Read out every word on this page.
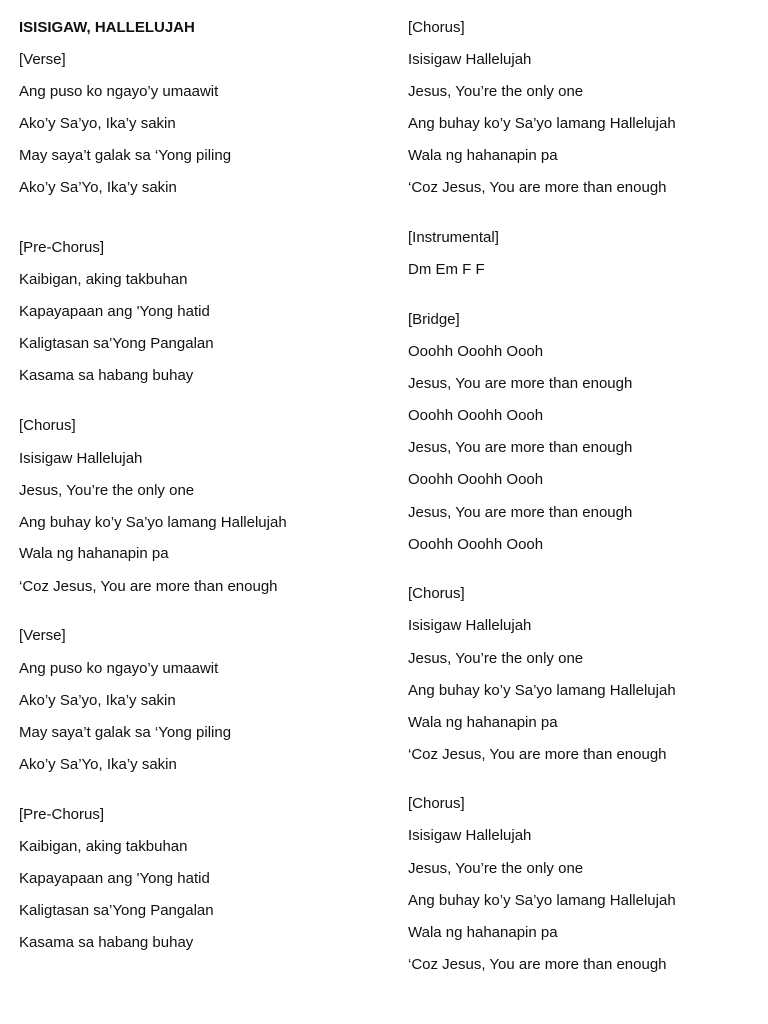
ISISIGAW, HALLELUJAH
[Verse]
Ang puso ko ngayo’y umaawit
Ako’y Sa’yo, Ika’y sakin
May saya’t galak sa ‘Yong piling
Ako’y Sa’Yo, Ika’y sakin
[Pre-Chorus]
Kaibigan, aking takbuhan
Kapayapaan ang 'Yong hatid
Kaligtasan sa’Yong Pangalan
Kasama sa habang buhay
[Chorus]
Isisigaw Hallelujah
Jesus, You’re the only one
Ang buhay ko’y Sa’yo lamang Hallelujah
Wala ng hahanapin pa
‘Coz Jesus, You are more than enough
[Verse]
Ang puso ko ngayo’y umaawit
Ako’y Sa’yo, Ika’y sakin
May saya’t galak sa ‘Yong piling
Ako’y Sa’Yo, Ika’y sakin
[Pre-Chorus]
Kaibigan, aking takbuhan
Kapayapaan ang 'Yong hatid
Kaligtasan sa’Yong Pangalan
Kasama sa habang buhay
[Chorus]
Isisigaw Hallelujah
Jesus, You’re the only one
Ang buhay ko’y Sa’yo lamang Hallelujah
Wala ng hahanapin pa
‘Coz Jesus, You are more than enough
[Instrumental]
Dm Em F F
[Bridge]
Ooohh Ooohh Oooh
Jesus, You are more than enough
Ooohh Ooohh Oooh
Jesus, You are more than enough
Ooohh Ooohh Oooh
Jesus, You are more than enough
Ooohh Ooohh Oooh
[Chorus]
Isisigaw Hallelujah
Jesus, You’re the only one
Ang buhay ko’y Sa’yo lamang Hallelujah
Wala ng hahanapin pa
‘Coz Jesus, You are more than enough
[Chorus]
Isisigaw Hallelujah
Jesus, You’re the only one
Ang buhay ko’y Sa’yo lamang Hallelujah
Wala ng hahanapin pa
‘Coz Jesus, You are more than enough
